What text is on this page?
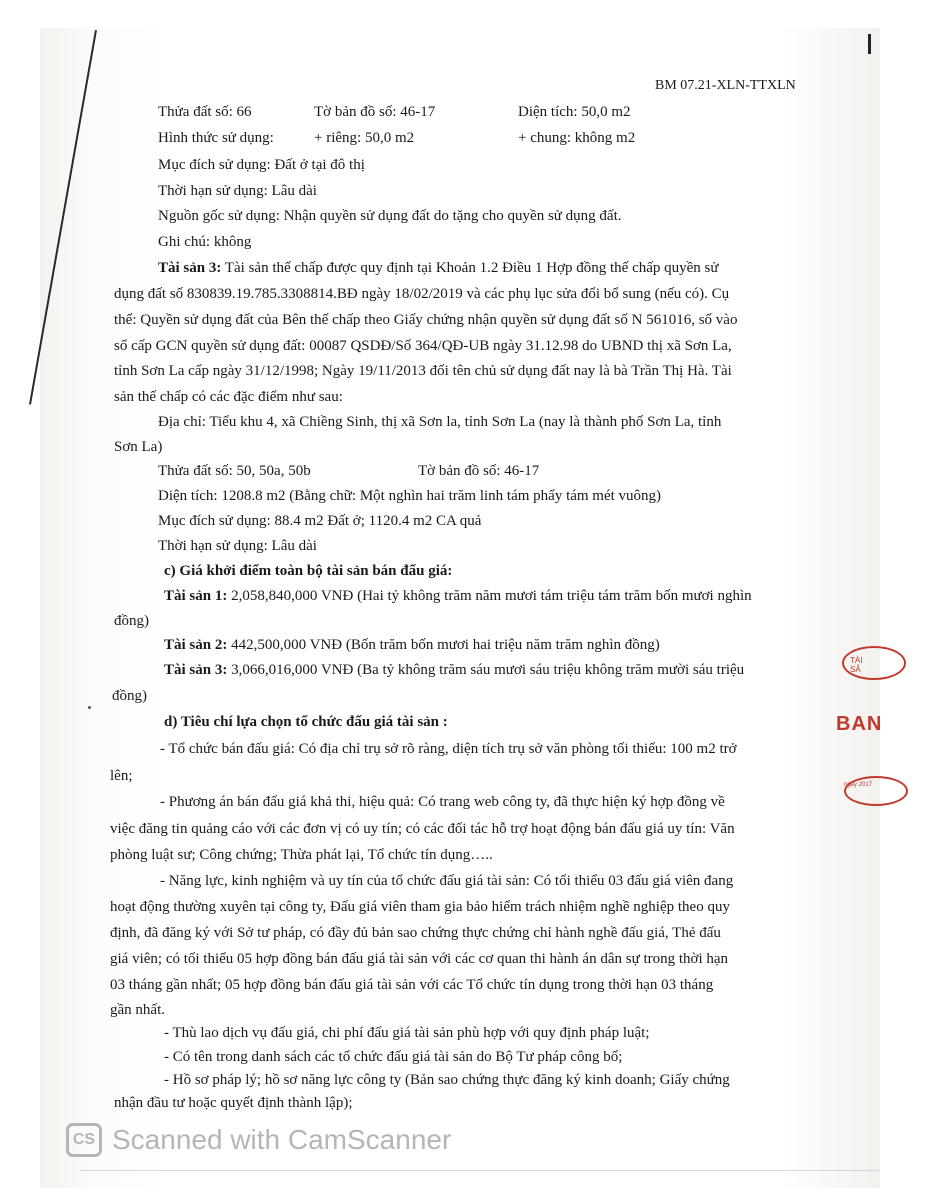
BM 07.21-XLN-TTXLN
Thửa đất số: 66	Tờ bản đồ số: 46-17	Diện tích: 50,0 m2
Hình thức sử dụng:	+ riêng: 50,0 m2	+ chung: không m2
Mục đích sử dụng: Đất ở tại đô thị
Thời hạn sử dụng: Lâu dài
Nguồn gốc sử dụng: Nhận quyền sử dụng đất do tặng cho quyền sử dụng đất.
Ghi chú: không
Tài sản 3: Tài sản thế chấp được quy định tại Khoản 1.2 Điều 1 Hợp đồng thế chấp quyền sử
dụng đất số 830839.19.785.3308814.BĐ ngày 18/02/2019 và các phụ lục sửa đổi bổ sung (nếu có). Cụ
thể: Quyền sử dụng đất của Bên thế chấp theo Giấy chứng nhận quyền sử dụng đất số N 561016, số vào
sổ cấp GCN quyền sử dụng đất: 00087 QSDĐ/Số 364/QĐ-UB ngày 31.12.98 do UBND thị xã Sơn La,
tỉnh Sơn La cấp ngày 31/12/1998; Ngày 19/11/2013 đổi tên chủ sử dụng đất nay là bà Trần Thị Hà. Tài
sản thế chấp có các đặc điểm như sau:
Địa chỉ: Tiểu khu 4, xã Chiềng Sinh, thị xã Sơn la, tỉnh Sơn La (nay là thành phố Sơn La, tỉnh
Sơn La)
Thửa đất số: 50, 50a, 50b	Tờ bản đồ số: 46-17
Diện tích: 1208.8 m2 (Bằng chữ: Một nghìn hai trăm linh tám phẩy tám mét vuông)
Mục đích sử dụng: 88.4 m2 Đất ở; 1120.4 m2 CA quả
Thời hạn sử dụng: Lâu dài
c) Giá khởi điểm toàn bộ tài sản bán đấu giá:
Tài sản 1: 2,058,840,000 VNĐ (Hai tỷ không trăm năm mươi tám triệu tám trăm bốn mươi nghìn
đồng)
Tài sản 2: 442,500,000 VNĐ (Bốn trăm bốn mươi hai triệu năm trăm nghìn đồng)
Tài sản 3: 3,066,016,000 VNĐ (Ba tỷ không trăm sáu mươi sáu triệu không trăm mười sáu triệu
đồng)
d) Tiêu chí lựa chọn tổ chức đấu giá tài sản :
- Tổ chức bán đấu giá: Có địa chỉ trụ sở rõ ràng, diện tích trụ sở văn phòng tối thiểu: 100 m2 trở
lên;
- Phương án bán đấu giá khả thi, hiệu quả: Có trang web công ty, đã thực hiện ký hợp đồng về
việc đăng tin quảng cáo với các đơn vị có uy tín; có các đối tác hỗ trợ hoạt động bán đấu giá uy tín: Văn
phòng luật sư; Công chứng; Thừa phát lại, Tổ chức tín dụng…..
- Năng lực, kinh nghiệm và uy tín của tổ chức đấu giá tài sản: Có tối thiểu 03 đấu giá viên đang
hoạt động thường xuyên tại công ty, Đấu giá viên tham gia bảo hiểm trách nhiệm nghề nghiệp theo quy
định, đã đăng ký với Sở tư pháp, có đầy đủ bản sao chứng thực chứng chỉ hành nghề đấu giá, Thẻ đấu
giá viên; có tối thiểu 05 hợp đồng bán đấu giá tài sản với các cơ quan thi hành án dân sự trong thời hạn
03 tháng gần nhất; 05 hợp đồng bán đấu giá tài sản với các Tổ chức tín dụng trong thời hạn 03 tháng
gần nhất.
- Thù lao dịch vụ đấu giá, chi phí đấu giá tài sản phù hợp với quy định pháp luật;
- Có tên trong danh sách các tổ chức đấu giá tài sản do Bộ Tư pháp công bố;
- Hồ sơ pháp lý; hồ sơ năng lực công ty (Bản sao chứng thực đăng ký kinh doanh; Giấy chứng
nhận đầu tư hoặc quyết định thành lập);
TÀI SẢ
BAN
ngày 2017
CS Scanned with CamScanner
